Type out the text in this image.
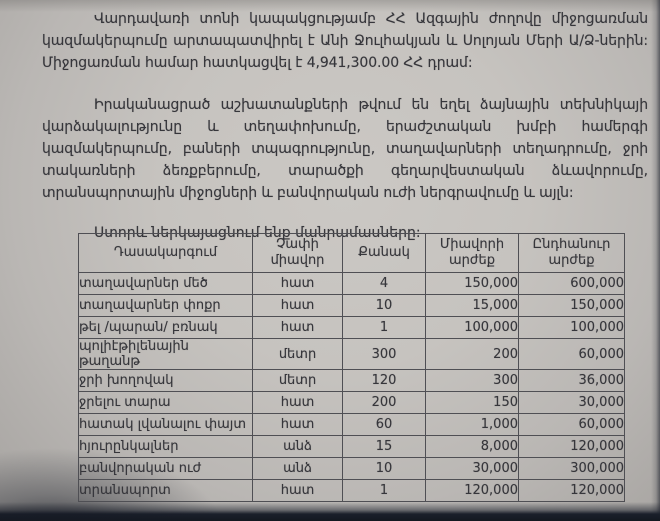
Վարդավառի տոնի կապակցությամբ ՀՀ Ազգային ժողովը միջոցառման կազմակերպումը արտապատվիրել է Անի Ջուլհակյան և Սոլոյան Մերի Ա/Ձ-ներին: Միջոցառման համար հատկացվել է 4,941,300.00 ՀՀ դրամ:

Իրականացրած աշխատանքների թվում են եղել ձայնային տեխնիկայի վարձակալությունը և տեղափոխումը, երաժշտական խմբի համերգի կազմակերպումը, բաների տպագրությունը, տաղավարների տեղադրումը, ջրի տակառների ձեռքբերումը, տարածքի գեղարվեստական ձևավորումը, տրանսպորտային միջոցների և բանվորական ուժի ներգրավումը և այլն:

Ստորև ներկայացնում ենք մանրամասները:

Դասակարգում	Չափի միավոր	Քանակ	Միավորի արժեք	Ընդհանուր արժեք
տաղավարներ մեծ	հատ	4	150,000	600,000
տաղավարներ փոքր	հատ	10	15,000	150,000
թել /պարան/ բռնակ	հատ	1	100,000	100,000
պոլիէթիլենային թաղանթ	մետր	300	200	60,000
ջրի խողովակ	մետր	120	300	36,000
ջրելու տարա	հատ	200	150	30,000
հատակ լվանալու փայտ	հատ	60	1,000	60,000
հյուրընկալներ	անձ	15	8,000	120,000
բանվորական ուժ	անձ	10	30,000	300,000
տրանսպորտ	հատ	1	120,000	120,000
